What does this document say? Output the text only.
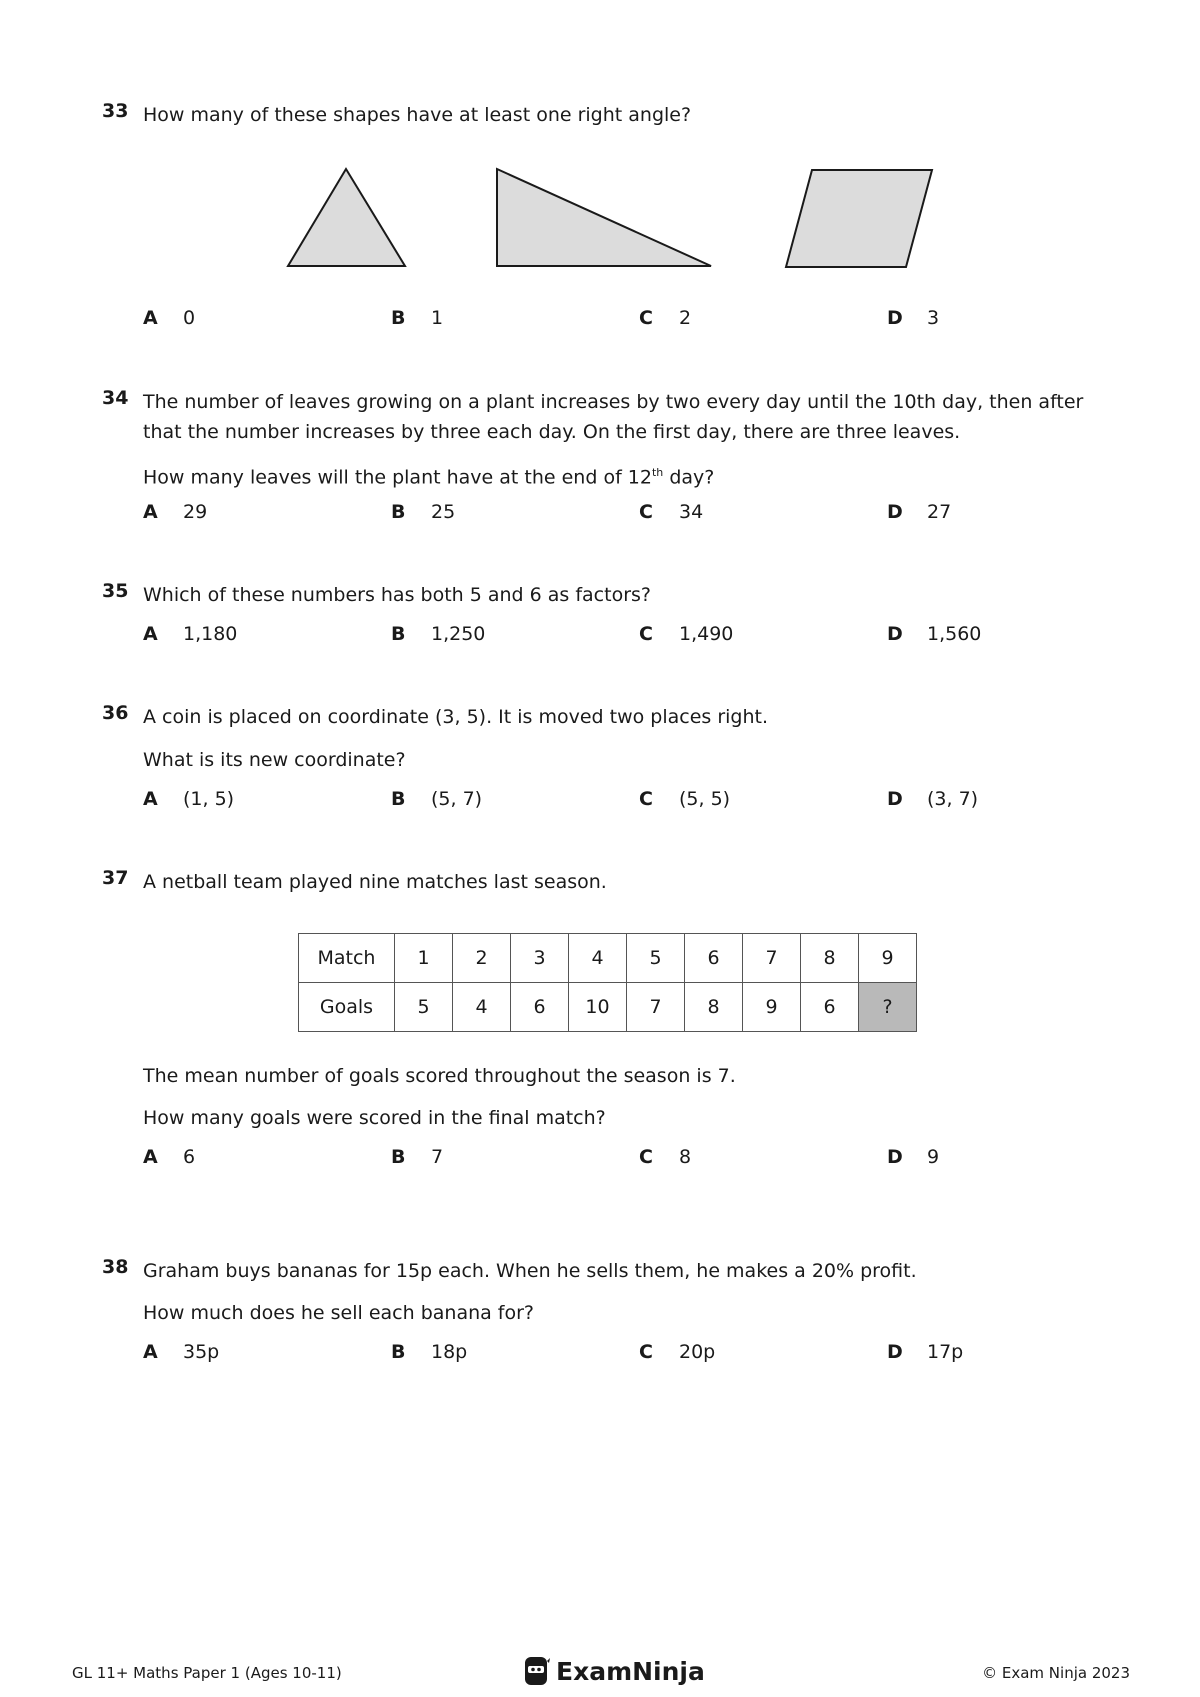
33 How many of these shapes have at least one right angle?
A 0	B 1	C 2	D 3
34 The number of leaves growing on a plant increases by two every day until the 10th day, then after that the number increases by three each day. On the first day, there are three leaves.
How many leaves will the plant have at the end of 12th day?
A 29	B 25	C 34	D 27
35 Which of these numbers has both 5 and 6 as factors?
A 1,180	B 1,250	C 1,490	D 1,560
36 A coin is placed on coordinate (3, 5). It is moved two places right.
What is its new coordinate?
A (1, 5)	B (5, 7)	C (5, 5)	D (3, 7)
37 A netball team played nine matches last season.
Match	1	2	3	4	5	6	7	8	9
Goals	5	4	6	10	7	8	9	6	?
The mean number of goals scored throughout the season is 7.
How many goals were scored in the final match?
A 6	B 7	C 8	D 9
38 Graham buys bananas for 15p each. When he sells them, he makes a 20% profit.
How much does he sell each banana for?
A 35p	B 18p	C 20p	D 17p
GL 11+ Maths Paper 1 (Ages 10-11)	ExamNinja	© Exam Ninja 2023
